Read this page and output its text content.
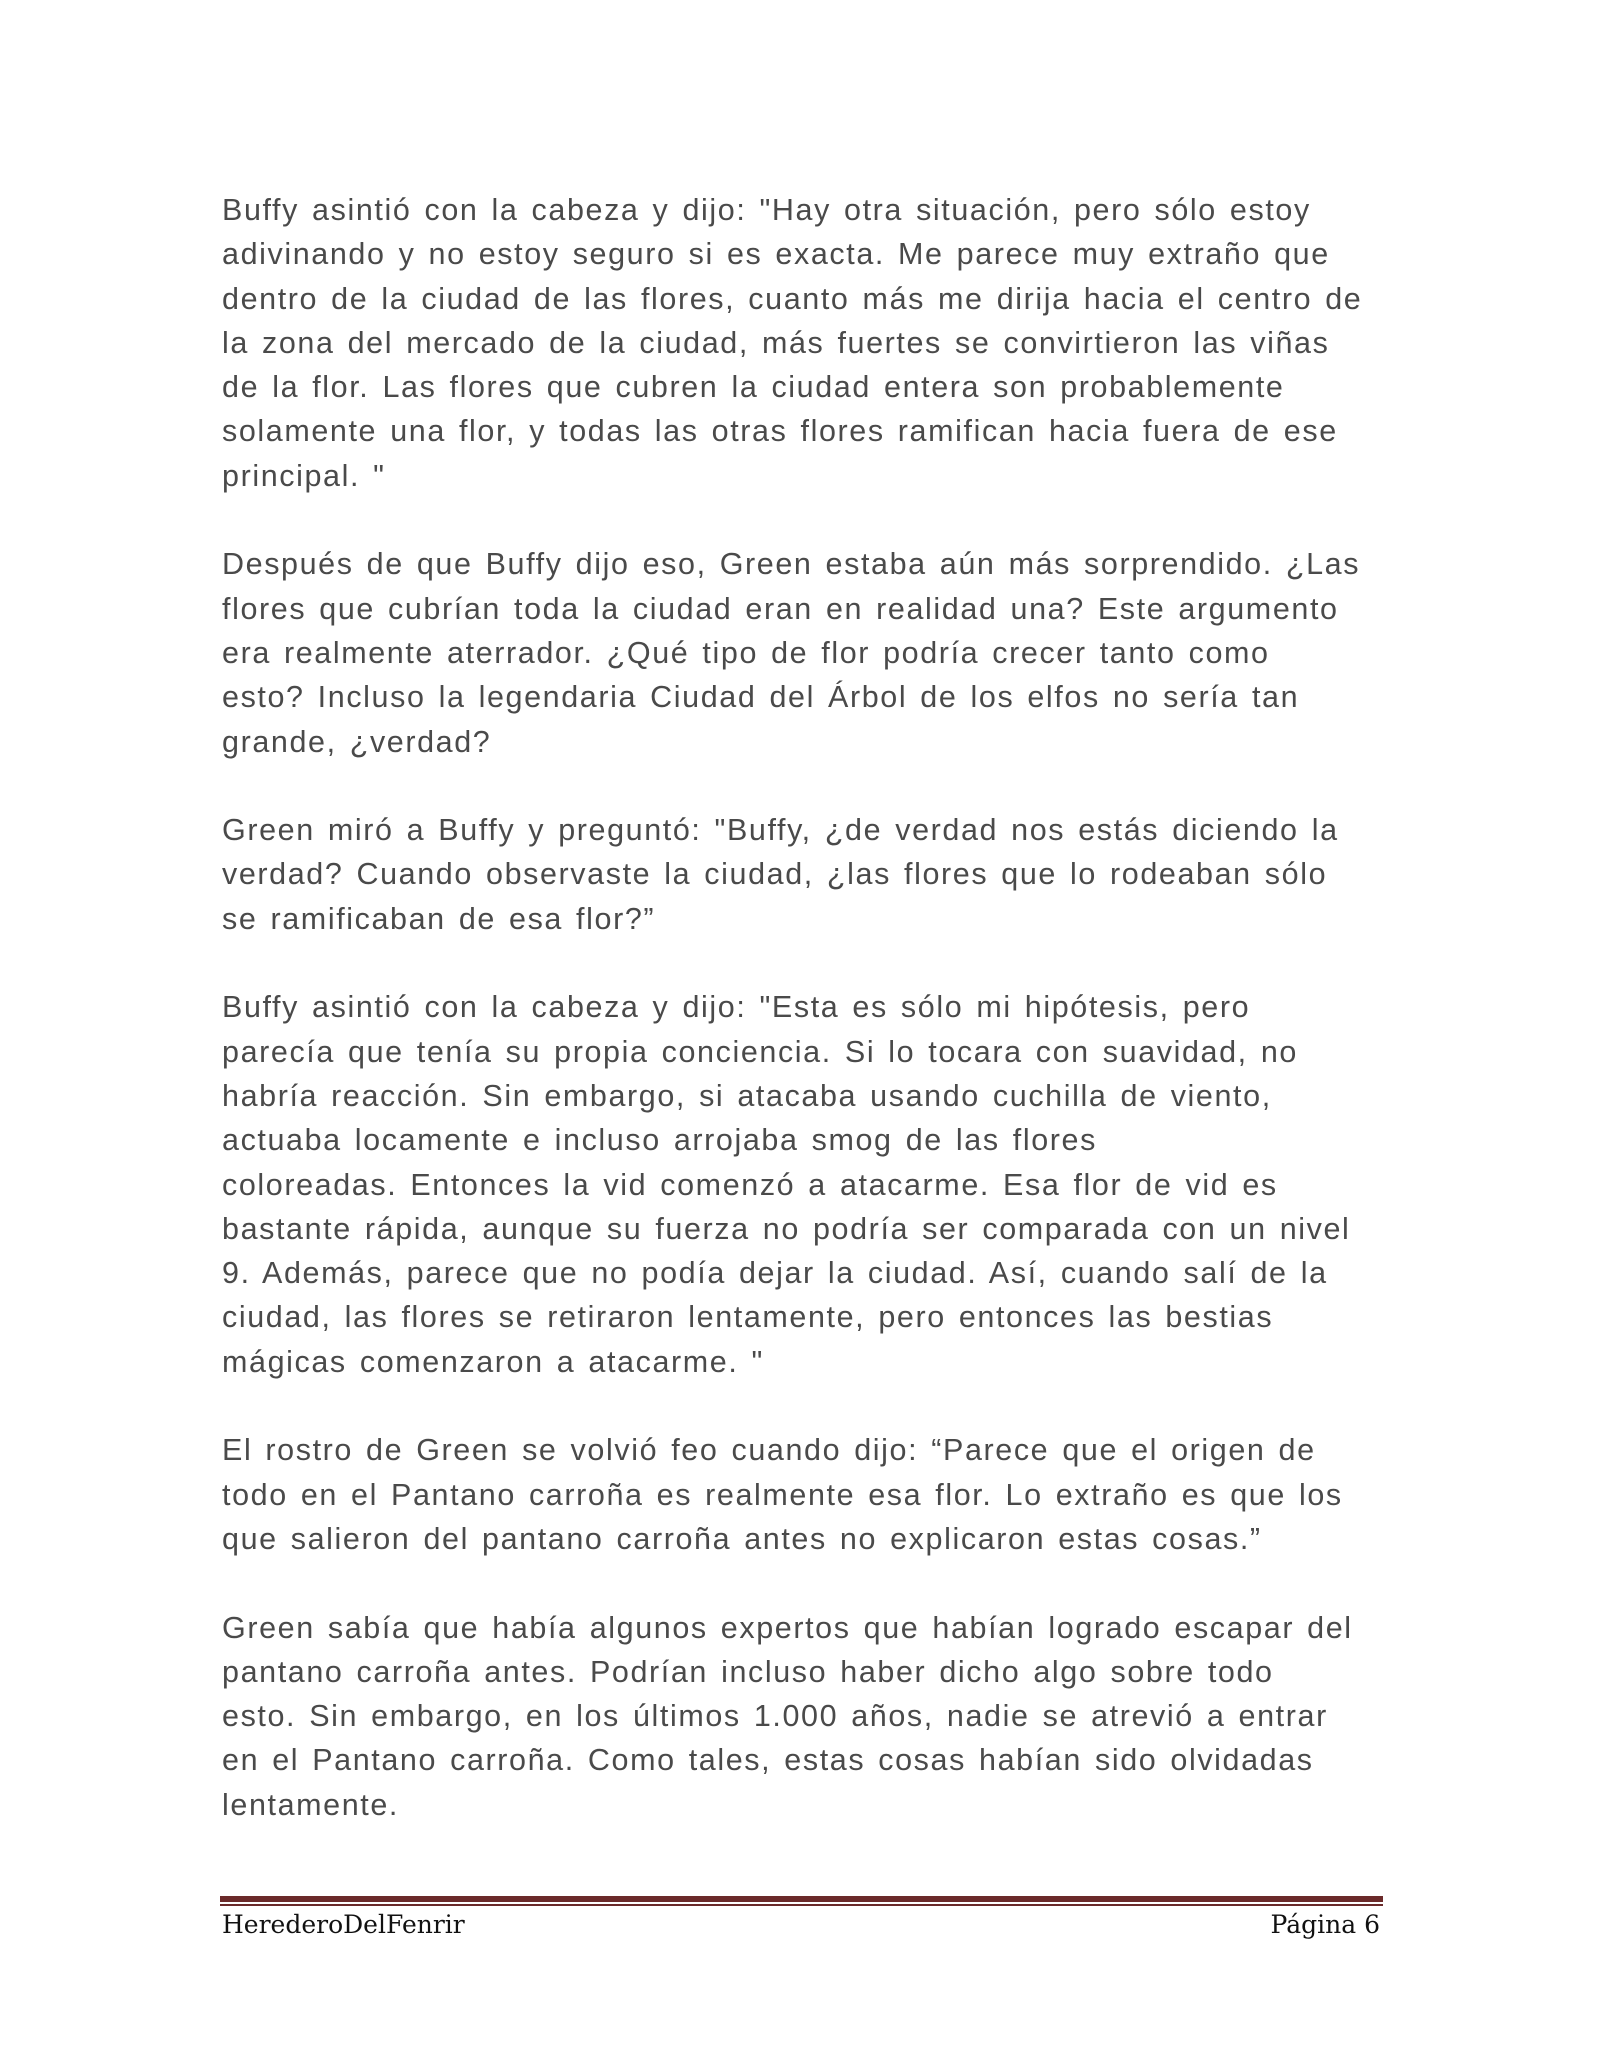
Buffy asintió con la cabeza y dijo: "Hay otra situación, pero sólo estoy
adivinando y no estoy seguro si es exacta. Me parece muy extraño que
dentro de la ciudad de las flores, cuanto más me dirija hacia el centro de
la zona del mercado de la ciudad, más fuertes se convirtieron las viñas
de la flor. Las flores que cubren la ciudad entera son probablemente
solamente una flor, y todas las otras flores ramifican hacia fuera de ese
principal. "

Después de que Buffy dijo eso, Green estaba aún más sorprendido. ¿Las
flores que cubrían toda la ciudad eran en realidad una? Este argumento
era realmente aterrador. ¿Qué tipo de flor podría crecer tanto como
esto? Incluso la legendaria Ciudad del Árbol de los elfos no sería tan
grande, ¿verdad?

Green miró a Buffy y preguntó: "Buffy, ¿de verdad nos estás diciendo la
verdad? Cuando observaste la ciudad, ¿las flores que lo rodeaban sólo
se ramificaban de esa flor?”

Buffy asintió con la cabeza y dijo: "Esta es sólo mi hipótesis, pero
parecía que tenía su propia conciencia. Si lo tocara con suavidad, no
habría reacción. Sin embargo, si atacaba usando cuchilla de viento,
actuaba locamente e incluso arrojaba smog de las flores
coloreadas. Entonces la vid comenzó a atacarme. Esa flor de vid es
bastante rápida, aunque su fuerza no podría ser comparada con un nivel
9. Además, parece que no podía dejar la ciudad. Así, cuando salí de la
ciudad, las flores se retiraron lentamente, pero entonces las bestias
mágicas comenzaron a atacarme. "

El rostro de Green se volvió feo cuando dijo: “Parece que el origen de
todo en el Pantano carroña es realmente esa flor. Lo extraño es que los
que salieron del pantano carroña antes no explicaron estas cosas.”

Green sabía que había algunos expertos que habían logrado escapar del
pantano carroña antes. Podrían incluso haber dicho algo sobre todo
esto. Sin embargo, en los últimos 1.000 años, nadie se atrevió a entrar
en el Pantano carroña. Como tales, estas cosas habían sido olvidadas
lentamente.

HerederoDelFenrir	Página 6
